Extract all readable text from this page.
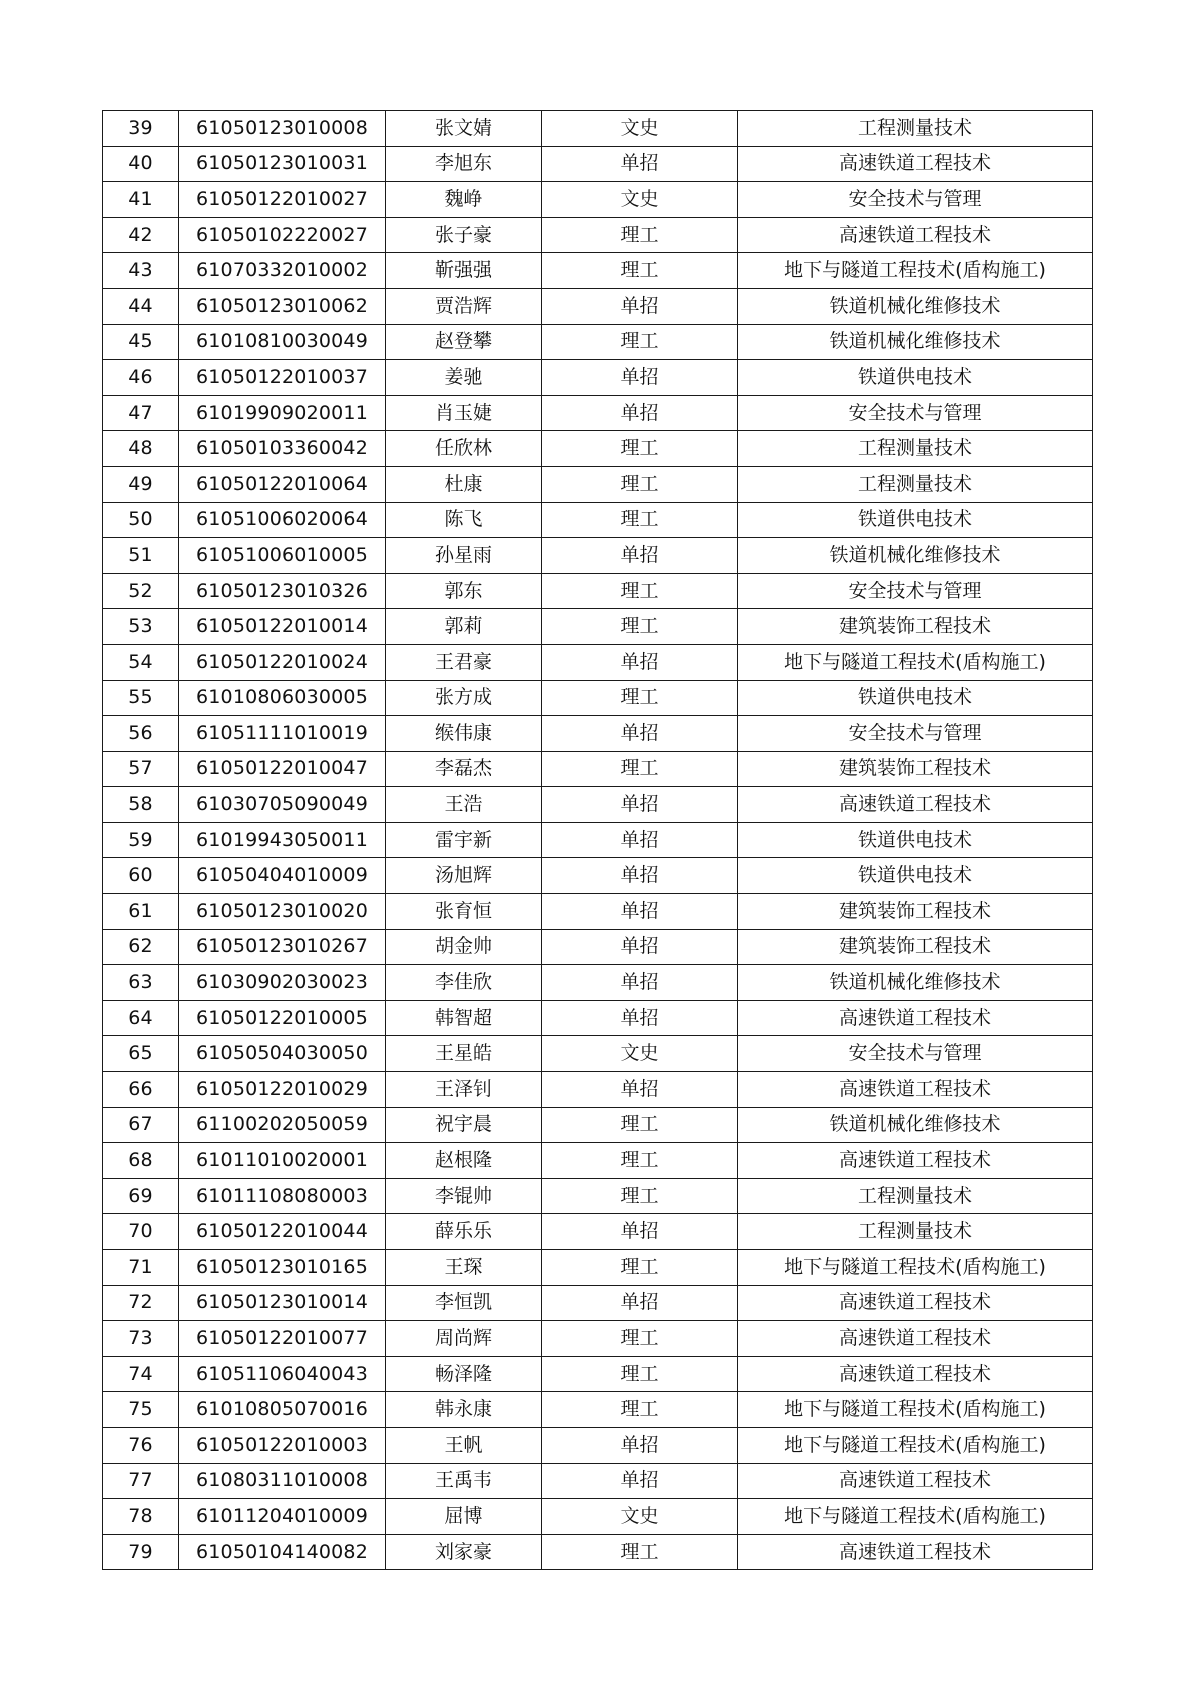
39	61050123010008	张文婧	文史	工程测量技术
40	61050123010031	李旭东	单招	高速铁道工程技术
41	61050122010027	魏峥	文史	安全技术与管理
42	61050102220027	张子豪	理工	高速铁道工程技术
43	61070332010002	靳强强	理工	地下与隧道工程技术(盾构施工)
44	61050123010062	贾浩辉	单招	铁道机械化维修技术
45	61010810030049	赵登攀	理工	铁道机械化维修技术
46	61050122010037	姜驰	单招	铁道供电技术
47	61019909020011	肖玉婕	单招	安全技术与管理
48	61050103360042	任欣林	理工	工程测量技术
49	61050122010064	杜康	理工	工程测量技术
50	61051006020064	陈飞	理工	铁道供电技术
51	61051006010005	孙星雨	单招	铁道机械化维修技术
52	61050123010326	郭东	理工	安全技术与管理
53	61050122010014	郭莉	理工	建筑装饰工程技术
54	61050122010024	王君豪	单招	地下与隧道工程技术(盾构施工)
55	61010806030005	张方成	理工	铁道供电技术
56	61051111010019	缑伟康	单招	安全技术与管理
57	61050122010047	李磊杰	理工	建筑装饰工程技术
58	61030705090049	王浩	单招	高速铁道工程技术
59	61019943050011	雷宇新	单招	铁道供电技术
60	61050404010009	汤旭辉	单招	铁道供电技术
61	61050123010020	张育恒	单招	建筑装饰工程技术
62	61050123010267	胡金帅	单招	建筑装饰工程技术
63	61030902030023	李佳欣	单招	铁道机械化维修技术
64	61050122010005	韩智超	单招	高速铁道工程技术
65	61050504030050	王星皓	文史	安全技术与管理
66	61050122010029	王泽钊	单招	高速铁道工程技术
67	61100202050059	祝宇晨	理工	铁道机械化维修技术
68	61011010020001	赵根隆	理工	高速铁道工程技术
69	61011108080003	李锟帅	理工	工程测量技术
70	61050122010044	薛乐乐	单招	工程测量技术
71	61050123010165	王琛	理工	地下与隧道工程技术(盾构施工)
72	61050123010014	李恒凯	单招	高速铁道工程技术
73	61050122010077	周尚辉	理工	高速铁道工程技术
74	61051106040043	畅泽隆	理工	高速铁道工程技术
75	61010805070016	韩永康	理工	地下与隧道工程技术(盾构施工)
76	61050122010003	王帆	单招	地下与隧道工程技术(盾构施工)
77	61080311010008	王禹韦	单招	高速铁道工程技术
78	61011204010009	屈博	文史	地下与隧道工程技术(盾构施工)
79	61050104140082	刘家豪	理工	高速铁道工程技术
